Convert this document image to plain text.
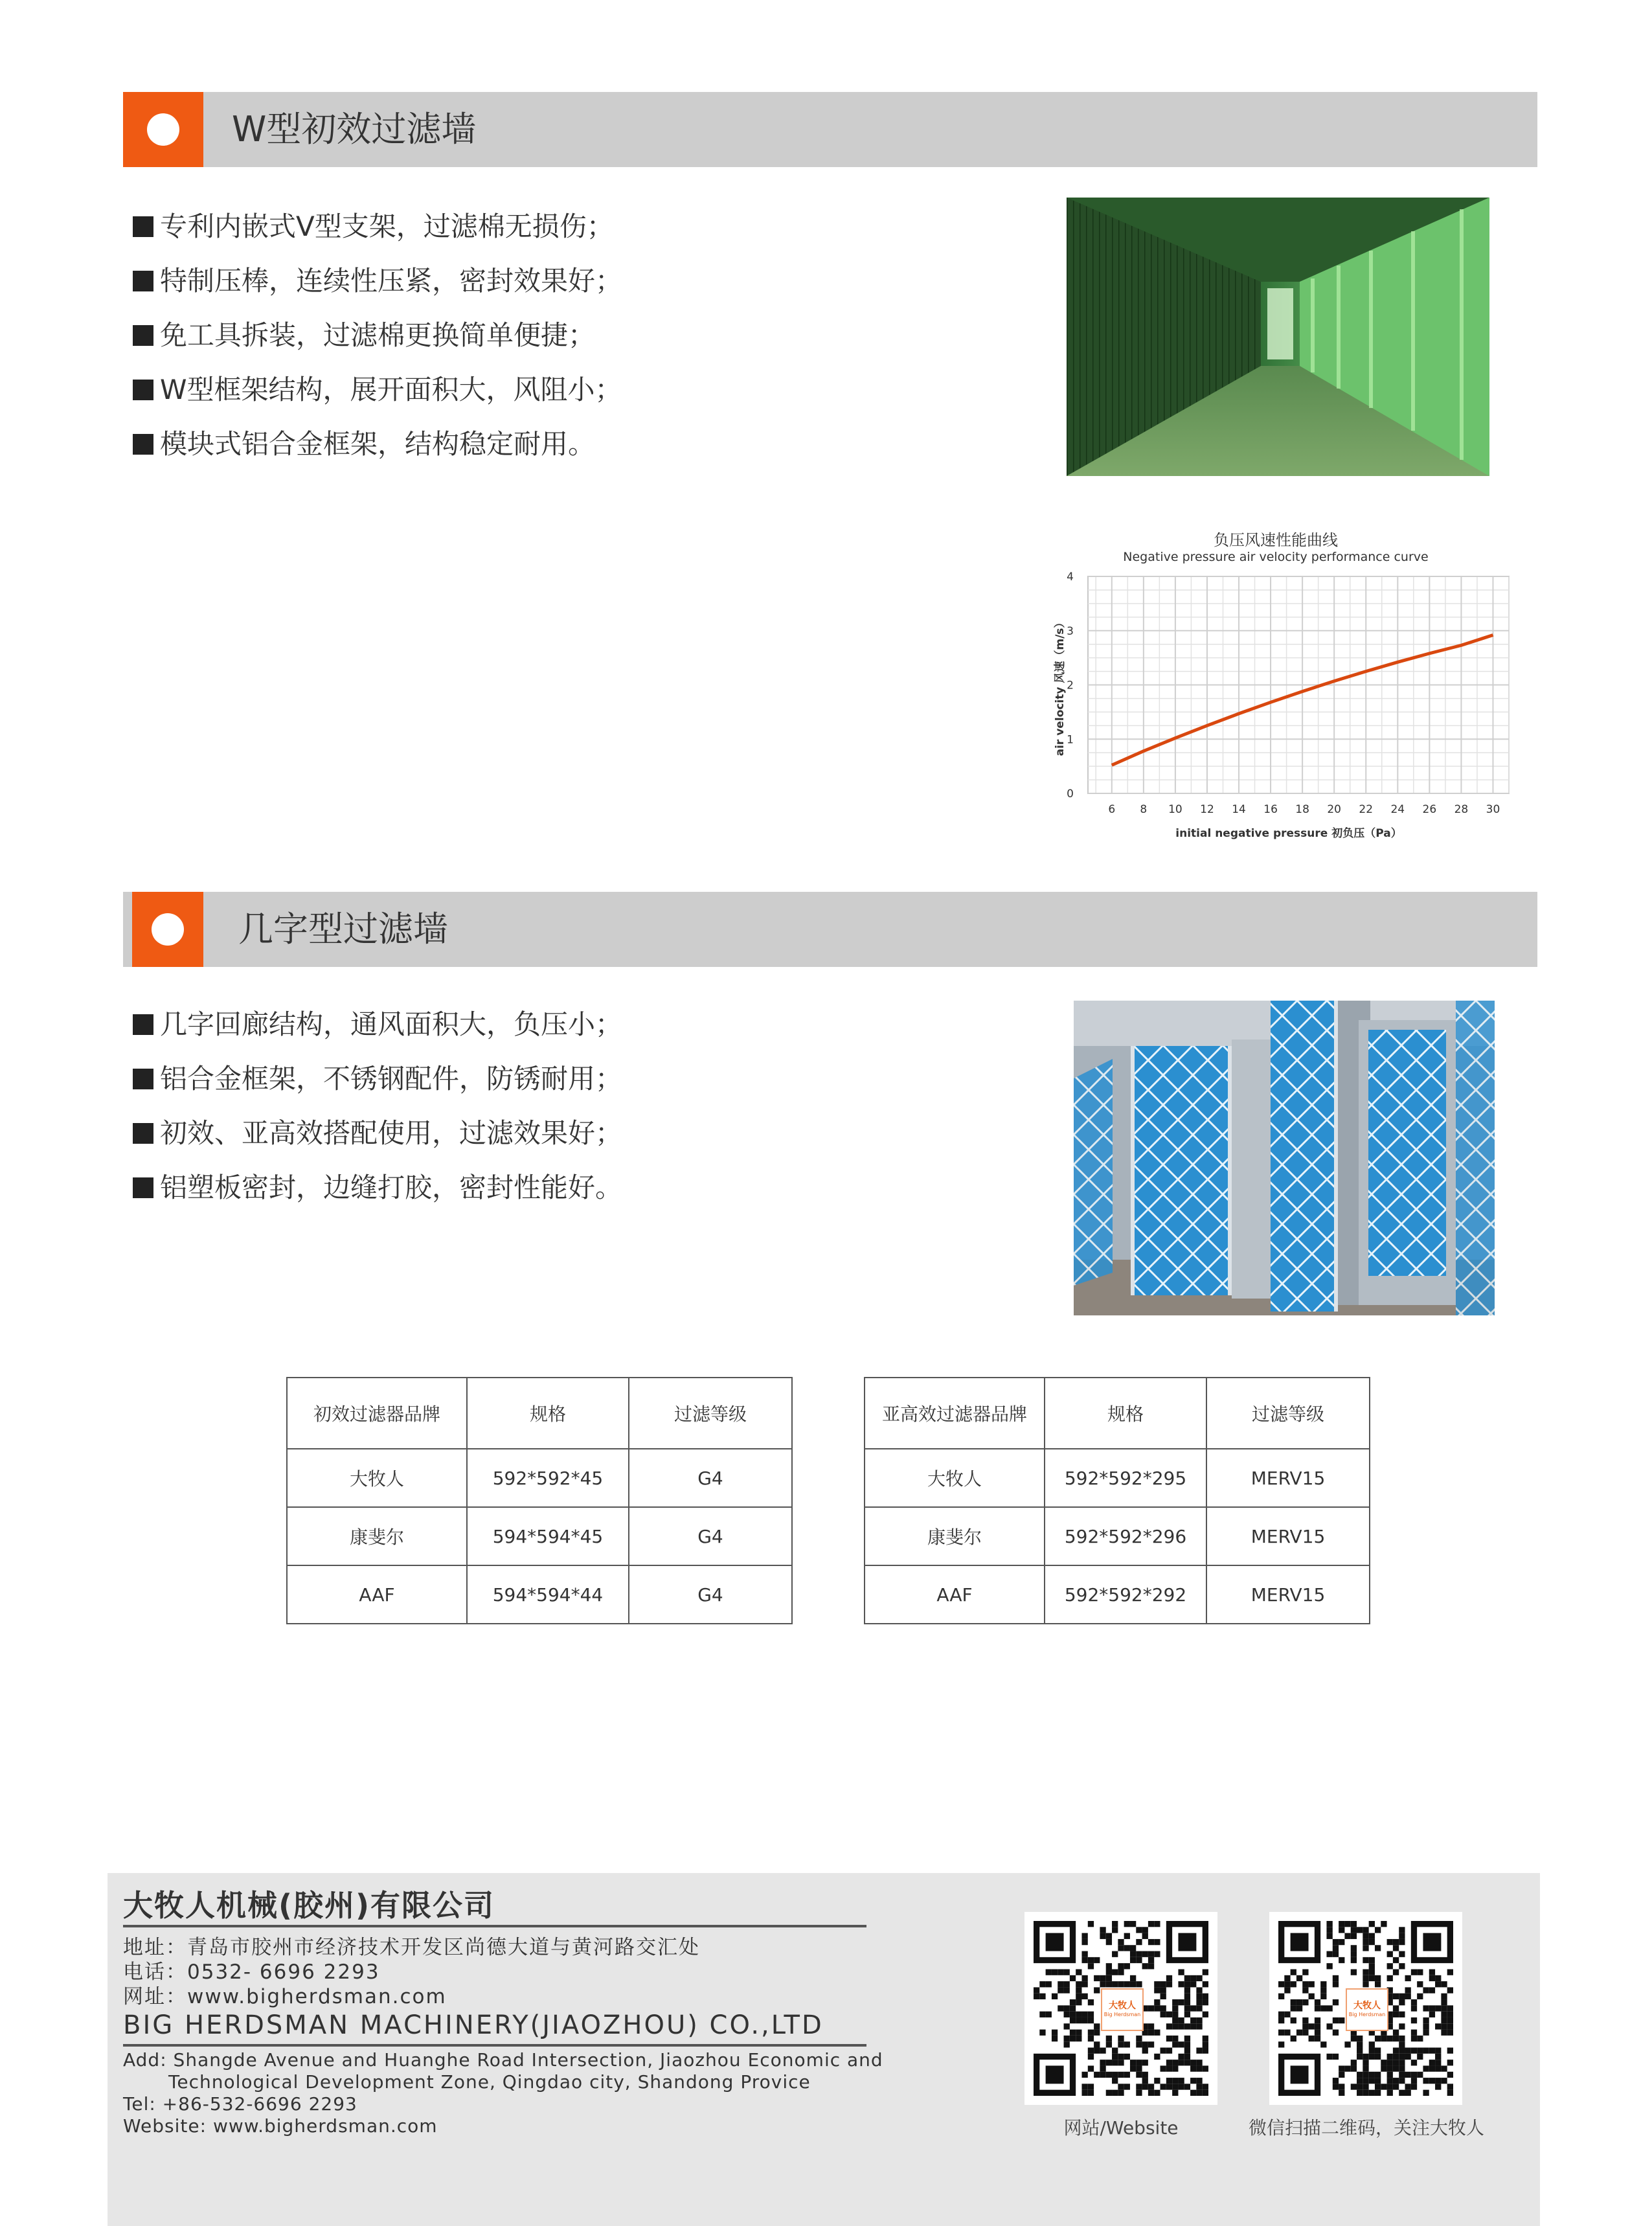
W型初效过滤墙
专利内嵌式V型支架，过滤棉无损伤；
特制压棒，连续性压紧，密封效果好；
免工具拆装，过滤棉更换简单便捷；
W型框架结构，展开面积大，风阻小；
模块式铝合金框架，结构稳定耐用。
负压风速性能曲线
Negative pressure air velocity performance curve
6 8 10 12 14 16 18 20 22 24 26 28 30
0
1
2
3
4
initial negative pressure 初负压（Pa）
air velocity 风速（m/s）
几字型过滤墙
几字回廊结构，通风面积大，负压小；
铝合金框架，不锈钢配件，防锈耐用；
初效、亚高效搭配使用，过滤效果好；
铝塑板密封，边缝打胶，密封性能好。
初效过滤器品牌	规格	过滤等级
大牧人	592*592*45	G4
康斐尔	594*594*45	G4
AAF	594*594*44	G4
亚高效过滤器品牌	规格	过滤等级
大牧人	592*592*295	MERV15
康斐尔	592*592*296	MERV15
AAF	592*592*292	MERV15
大牧人机械(胶州)有限公司
地址：青岛市胶州市经济技术开发区尚德大道与黄河路交汇处
电话：0532- 6696 2293
网址：www.bigherdsman.com
BIG HERDSMAN MACHINERY(JIAOZHOU) CO.,LTD
Add: Shangde Avenue and Huanghe Road Intersection, Jiaozhou Economic and
Technological Development Zone, Qingdao city, Shandong Provice
Tel: +86-532-6696 2293
Website: www.bigherdsman.com
大牧人
Big Herdsman
网站/Website
大牧人
Big Herdsman
微信扫描二维码，关注大牧人
